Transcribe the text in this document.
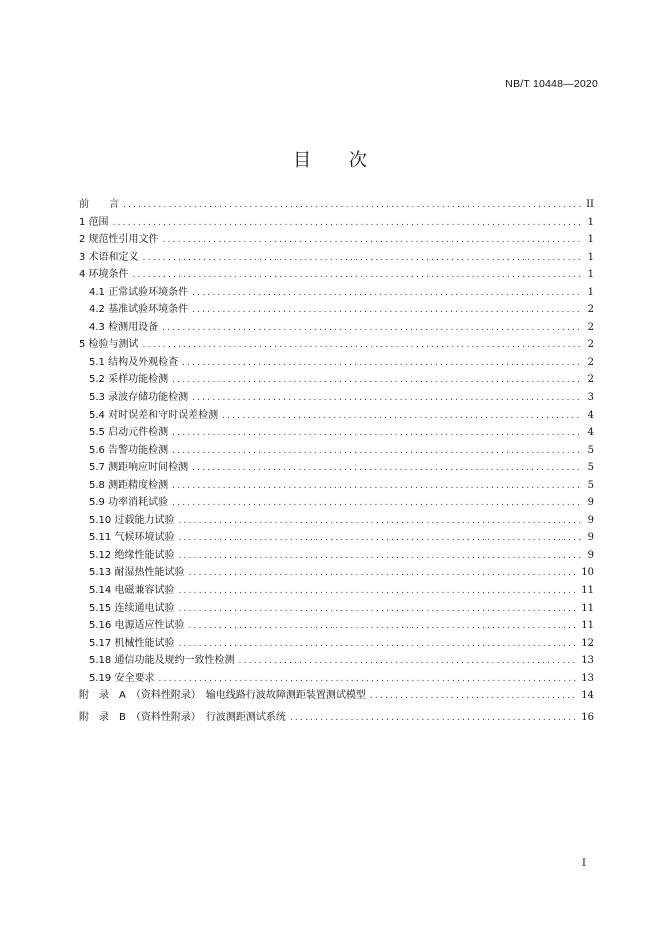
NB/T 10448—2020
目 次
前　　言 .....	II
1 范围 .....	1
2 规范性引用文件 .....	1
3 术语和定义 .....	1
4 环境条件 .....	1
4.1 正常试验环境条件 .....	1
4.2 基准试验环境条件 .....	2
4.3 检测用设备 .....	2
5 检验与测试 .....	2
5.1 结构及外观检查 .....	2
5.2 采样功能检测 .....	2
5.3 录波存储功能检测 .....	3
5.4 对时误差和守时误差检测 .....	4
5.5 启动元件检测 .....	4
5.6 告警功能检测 .....	5
5.7 测距响应时间检测 .....	5
5.8 测距精度检测 .....	5
5.9 功率消耗试验 .....	9
5.10 过载能力试验 .....	9
5.11 气候环境试验 .....	9
5.12 绝缘性能试验 .....	9
5.13 耐湿热性能试验 .....	10
5.14 电磁兼容试验 .....	11
5.15 连续通电试验 .....	11
5.16 电源适应性试验 .....	11
5.17 机械性能试验 .....	12
5.18 通信功能及规约一致性检测 .....	13
5.19 安全要求 .....	13
附　录　A　（资料性附录）　输电线路行波故障测距装置测试模型 .....	14
附　录　B　（资料性附录）　行波测距测试系统 .....	16
I
